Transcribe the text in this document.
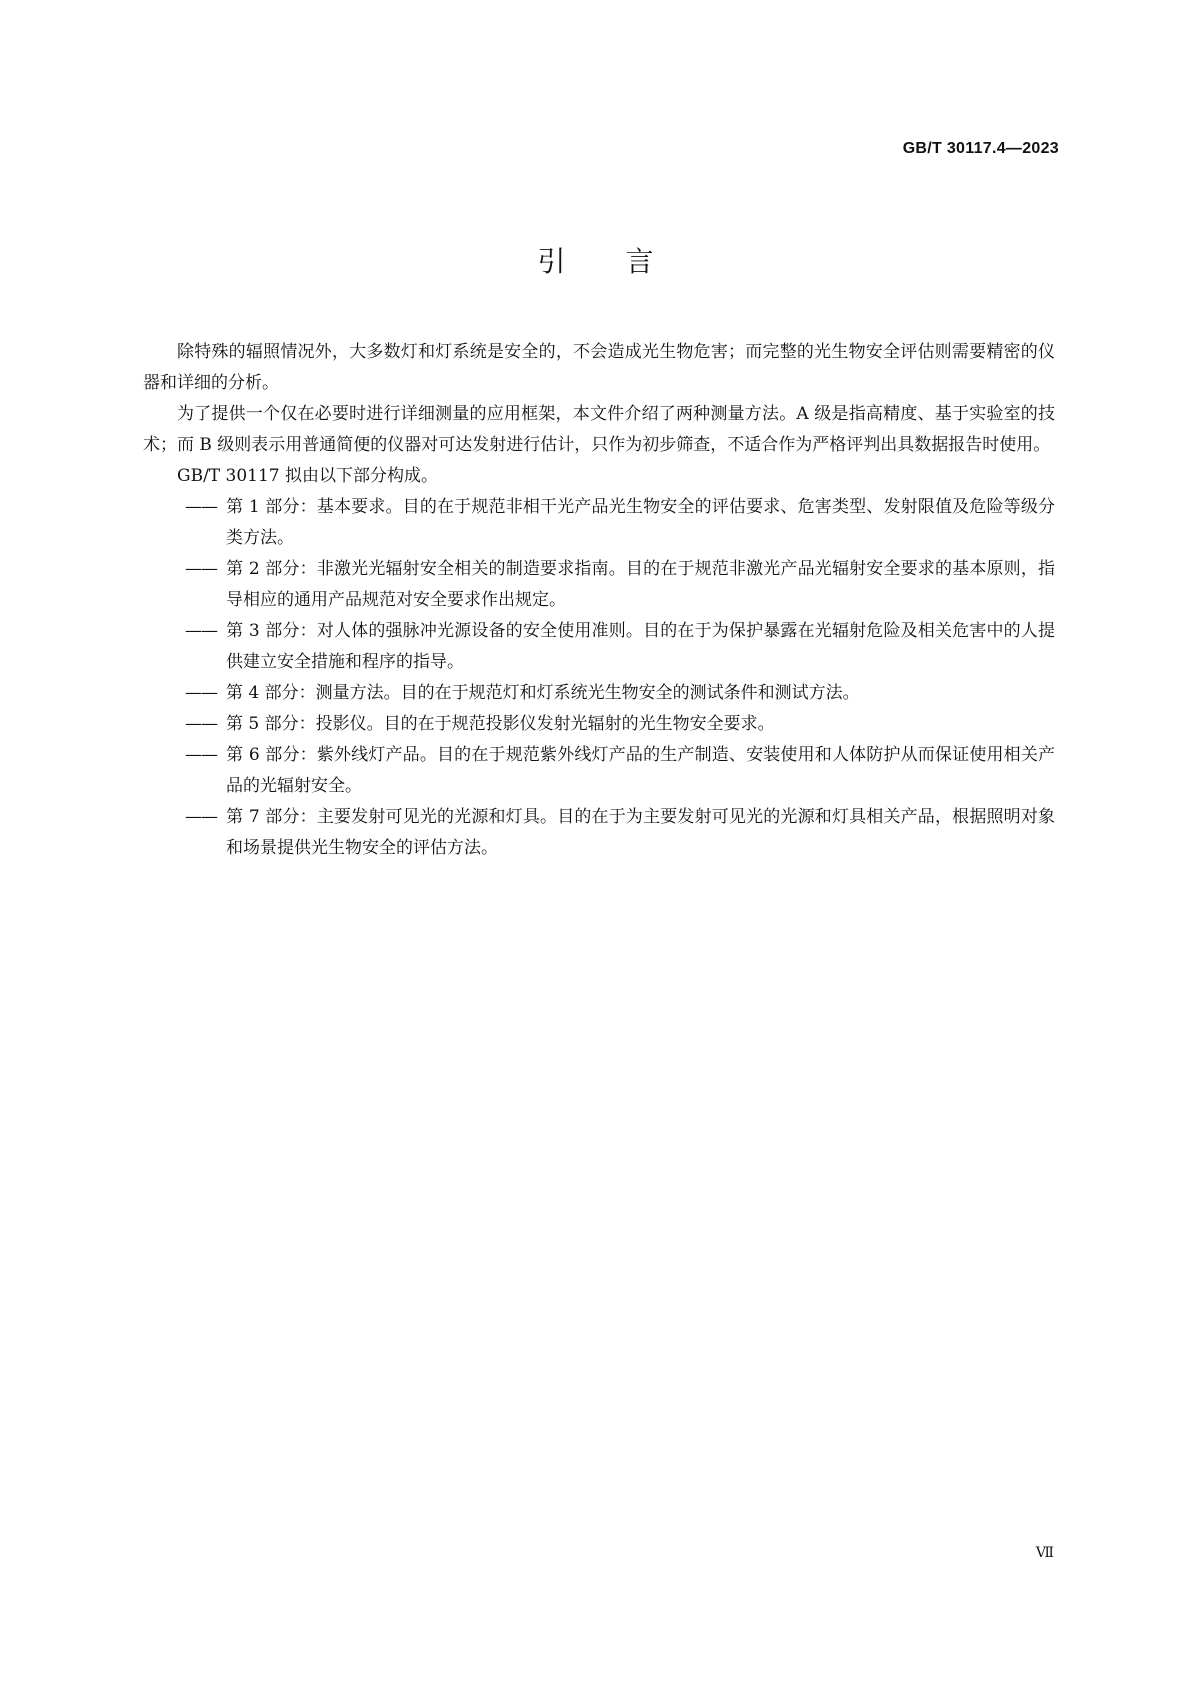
GB/T 30117.4—2023
引言

除特殊的辐照情况外，大多数灯和灯系统是安全的，不会造成光生物危害；而完整的光生物安全评估则需要精密的仪器和详细的分析。

为了提供一个仅在必要时进行详细测量的应用框架，本文件介绍了两种测量方法。A 级是指高精度、基于实验室的技术；而 B 级则表示用普通简便的仪器对可达发射进行估计，只作为初步筛查，不适合作为严格评判出具数据报告时使用。

GB/T 30117 拟由以下部分构成。

—— 第 1 部分：基本要求。目的在于规范非相干光产品光生物安全的评估要求、危害类型、发射限值及危险等级分类方法。

—— 第 2 部分：非激光光辐射安全相关的制造要求指南。目的在于规范非激光产品光辐射安全要求的基本原则，指导相应的通用产品规范对安全要求作出规定。

—— 第 3 部分：对人体的强脉冲光源设备的安全使用准则。目的在于为保护暴露在光辐射危险及相关危害中的人提供建立安全措施和程序的指导。

—— 第 4 部分：测量方法。目的在于规范灯和灯系统光生物安全的测试条件和测试方法。

—— 第 5 部分：投影仪。目的在于规范投影仪发射光辐射的光生物安全要求。

—— 第 6 部分：紫外线灯产品。目的在于规范紫外线灯产品的生产制造、安装使用和人体防护从而保证使用相关产品的光辐射安全。

—— 第 7 部分：主要发射可见光的光源和灯具。目的在于为主要发射可见光的光源和灯具相关产品，根据照明对象和场景提供光生物安全的评估方法。

Ⅶ
